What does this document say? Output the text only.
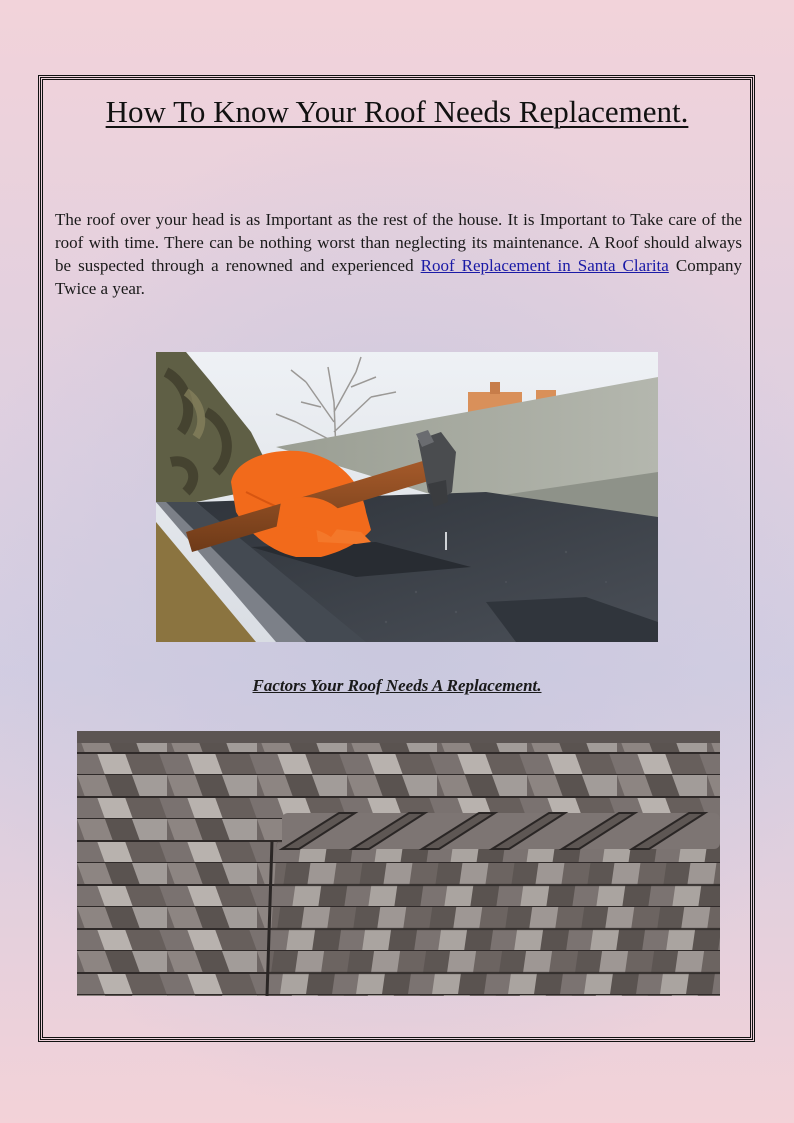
How To Know Your Roof Needs Replacement.

The roof over your head is as Important as the rest of the house. It is Important to Take care of the roof with time. There can be nothing worst than neglecting its maintenance. A Roof should always be suspected through a renowned and experienced Roof Replacement in Santa Clarita Company Twice a year.

Factors Your Roof Needs A Replacement.
